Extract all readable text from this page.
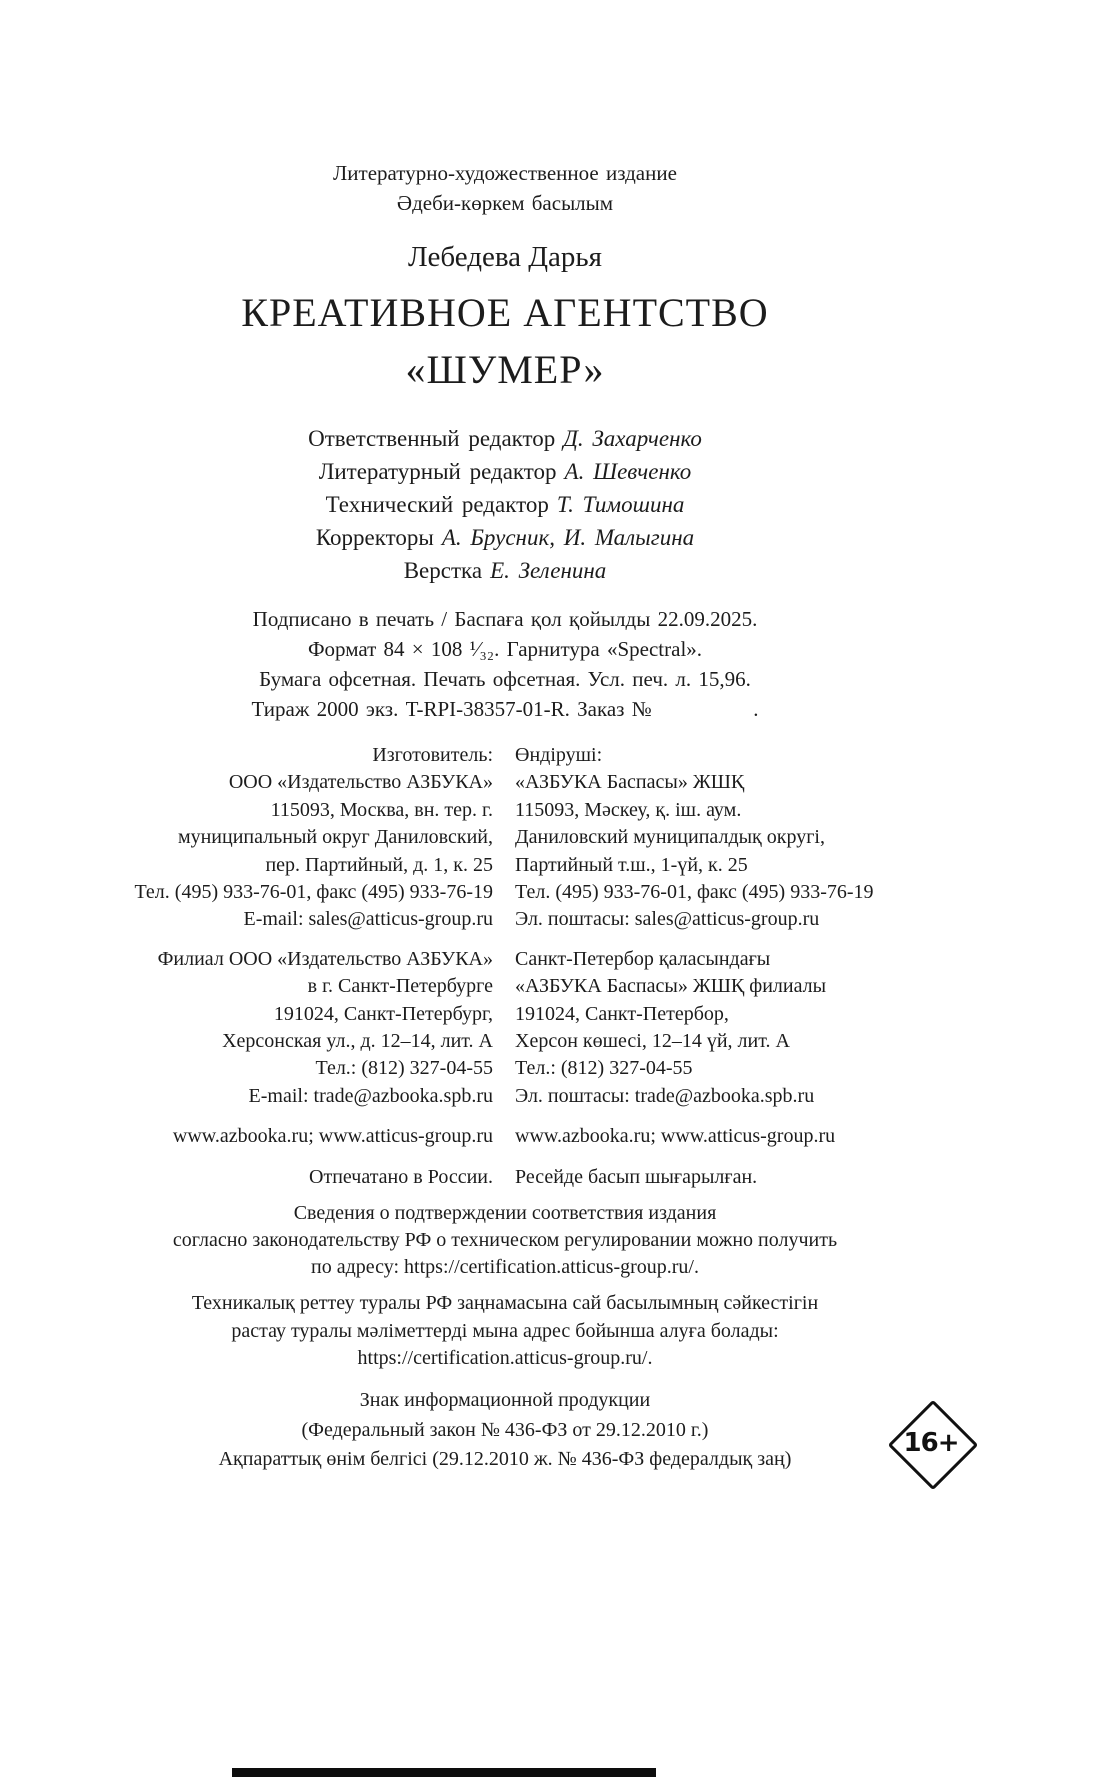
Литературно-художественное издание
Әдеби-көркем басылым
Лебедева Дарья
КРЕАТИВНОЕ АГЕНТСТВО
«ШУМЕР»
Ответственный редактор Д. Захарченко
Литературный редактор А. Шевченко
Технический редактор Т. Тимошина
Корректоры А. Брусник, И. Малыгина
Верстка Е. Зеленина
Подписано в печать / Баспаға қол қойылды 22.09.2025.
Формат 84 × 108 ¹⁄₃₂. Гарнитура «Spectral».
Бумага офсетная. Печать офсетная. Усл. печ. л. 15,96.
Тираж 2000 экз. T-RPI-38357-01-R. Заказ №              .
Изготовитель:
ООО «Издательство АЗБУКА»
115093, Москва, вн. тер. г.
муниципальный округ Даниловский,
пер. Партийный, д. 1, к. 25
Тел. (495) 933-76-01, факс (495) 933-76-19
E-mail: sales@atticus-group.ru
Өндіруші:
«АЗБУКА Баспасы» ЖШҚ
115093, Мәскеу, қ. іш. аум.
Даниловский муниципалдық округі,
Партийный т.ш., 1-үй, к. 25
Тел. (495) 933-76-01, факс (495) 933-76-19
Эл. поштасы: sales@atticus-group.ru
Филиал ООО «Издательство АЗБУКА»
в г. Санкт-Петербурге
191024, Санкт-Петербург,
Херсонская ул., д. 12–14, лит. А
Тел.: (812) 327-04-55
E-mail: trade@azbooka.spb.ru
Санкт-Петербор қаласындағы
«АЗБУКА Баспасы» ЖШҚ филиалы
191024, Санкт-Петербор,
Херсон көшесі, 12–14 үй, лит. А
Тел.: (812) 327-04-55
Эл. поштасы: trade@azbooka.spb.ru
www.azbooka.ru; www.atticus-group.ru www.azbooka.ru; www.atticus-group.ru
Отпечатано в России. Ресейде басып шығарылған.
Сведения о подтверждении соответствия издания
согласно законодательству РФ о техническом регулировании можно получить
по адресу: https://certification.atticus-group.ru/.
Техникалық реттеу туралы РФ заңнамасына сай басылымның сәйкестігін
растау туралы мәліметтерді мына адрес бойынша алуға болады:
https://certification.atticus-group.ru/.
Знак информационной продукции
(Федеральный закон № 436-ФЗ от 29.12.2010 г.)
Ақпараттық өнім белгісі (29.12.2010 ж. № 436-ФЗ федералдық заң)
16+
